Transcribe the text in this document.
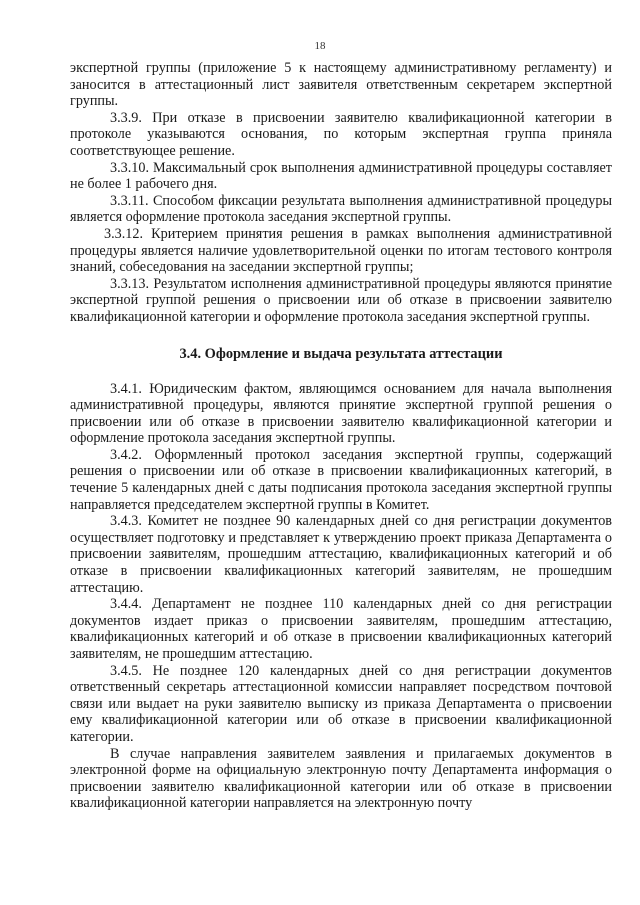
18

экспертной группы (приложение 5 к настоящему административному регламенту) и заносится в аттестационный лист заявителя ответственным секретарем экспертной группы.

3.3.9. При отказе в присвоении заявителю квалификационной категории в протоколе указываются основания, по которым экспертная группа приняла соответствующее решение.

3.3.10. Максимальный срок выполнения административной процедуры составляет не более 1 рабочего дня.

3.3.11. Способом фиксации результата выполнения административной процедуры является оформление протокола заседания экспертной группы.

3.3.12. Критерием принятия решения в рамках выполнения административной процедуры является наличие удовлетворительной оценки по итогам тестового контроля знаний, собеседования на заседании экспертной группы;

3.3.13. Результатом исполнения административной процедуры являются принятие экспертной группой решения о присвоении или об отказе в присвоении заявителю квалификационной категории и оформление протокола заседания экспертной группы.

3.4. Оформление и выдача результата аттестации

3.4.1. Юридическим фактом, являющимся основанием для начала выполнения административной процедуры, являются принятие экспертной группой решения о присвоении или об отказе в присвоении заявителю квалификационной категории и оформление протокола заседания экспертной группы.

3.4.2. Оформленный протокол заседания экспертной группы, содержащий решения о присвоении или об отказе в присвоении квалификационных категорий, в течение 5 календарных дней с даты подписания протокола заседания экспертной группы направляется председателем экспертной группы в Комитет.

3.4.3. Комитет не позднее 90 календарных дней со дня регистрации документов осуществляет подготовку и представляет к утверждению проект приказа Департамента о присвоении заявителям, прошедшим аттестацию, квалификационных категорий и об отказе в присвоении квалификационных категорий заявителям, не прошедшим аттестацию.

3.4.4. Департамент не позднее 110 календарных дней со дня регистрации документов издает приказ о присвоении заявителям, прошедшим аттестацию, квалификационных категорий и об отказе в присвоении квалификационных категорий заявителям, не прошедшим аттестацию.

3.4.5. Не позднее 120 календарных дней со дня регистрации документов ответственный секретарь аттестационной комиссии направляет посредством почтовой связи или выдает на руки заявителю выписку из приказа Департамента о присвоении ему квалификационной категории или об отказе в присвоении квалификационной категории.

В случае направления заявителем заявления и прилагаемых документов в электронной форме на официальную электронную почту Департамента информация о присвоении заявителю квалификационной категории или об отказе в присвоении квалификационной категории направляется на электронную почту
